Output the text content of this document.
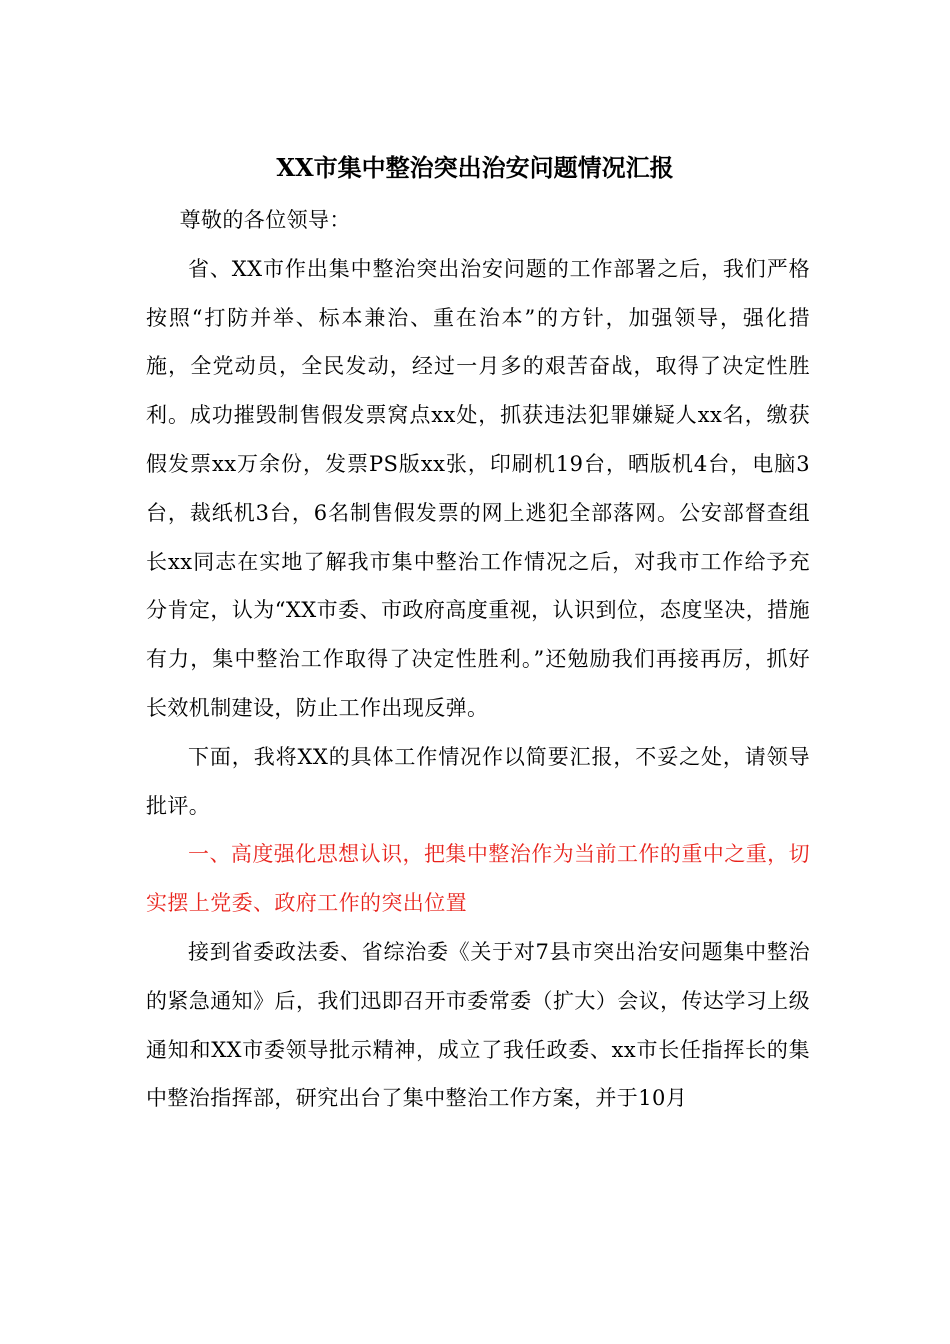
XX市集中整治突出治安问题情况汇报

尊敬的各位领导：

省、XX市作出集中整治突出治安问题的工作部署之后，我们严格按照“打防并举、标本兼治、重在治本”的方针，加强领导，强化措施，全党动员，全民发动，经过一月多的艰苦奋战，取得了决定性胜利。成功摧毁制售假发票窝点xx处，抓获违法犯罪嫌疑人xx名，缴获假发票xx万余份，发票PS版xx张，印刷机19台，晒版机4台，电脑3台，裁纸机3台，6名制售假发票的网上逃犯全部落网。公安部督查组长xx同志在实地了解我市集中整治工作情况之后，对我市工作给予充分肯定，认为“XX市委、市政府高度重视，认识到位，态度坚决，措施有力，集中整治工作取得了决定性胜利。”还勉励我们再接再厉，抓好长效机制建设，防止工作出现反弹。

下面，我将XX的具体工作情况作以简要汇报，不妥之处，请领导批评。

一、高度强化思想认识，把集中整治作为当前工作的重中之重，切实摆上党委、政府工作的突出位置

接到省委政法委、省综治委《关于对7县市突出治安问题集中整治的紧急通知》后，我们迅即召开市委常委（扩大）会议，传达学习上级通知和XX市委领导批示精神，成立了我任政委、xx市长任指挥长的集中整治指挥部，研究出台了集中整治工作方案，并于10月
